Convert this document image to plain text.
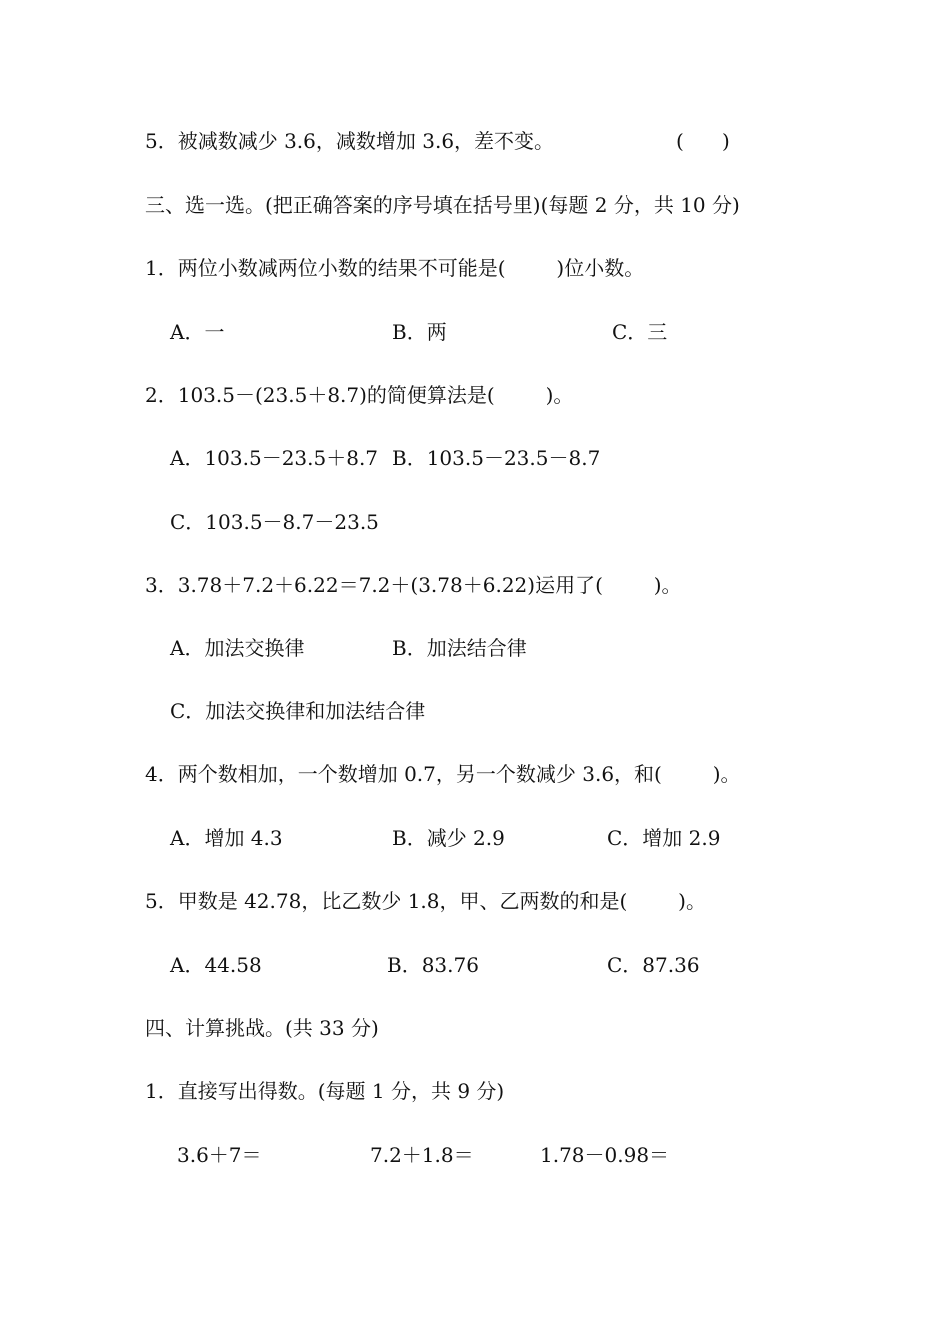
5．被减数减少 3.6，减数增加 3.6，差不变。	(      )
三、选一选。(把正确答案的序号填在括号里)(每题 2 分，共 10 分)
1．两位小数减两位小数的结果不可能是(        )位小数。
A．一	B．两	C．三
2．103.5－(23.5＋8.7)的简便算法是(        )。
A．103.5－23.5＋8.7 B．103.5－23.5－8.7
C．103.5－8.7－23.5
3．3.78＋7.2＋6.22＝7.2＋(3.78＋6.22)运用了(        )。
A．加法交换律	B．加法结合律
C．加法交换律和加法结合律
4．两个数相加，一个数增加 0.7，另一个数减少 3.6，和(        )。
A．增加 4.3	B．减少 2.9	C．增加 2.9
5．甲数是 42.78，比乙数少 1.8，甲、乙两数的和是(        )。
A．44.58	B．83.76	C．87.36
四、计算挑战。(共 33 分)
1．直接写出得数。(每题 1 分，共 9 分)
3.6＋7＝	7.2＋1.8＝	1.78－0.98＝
